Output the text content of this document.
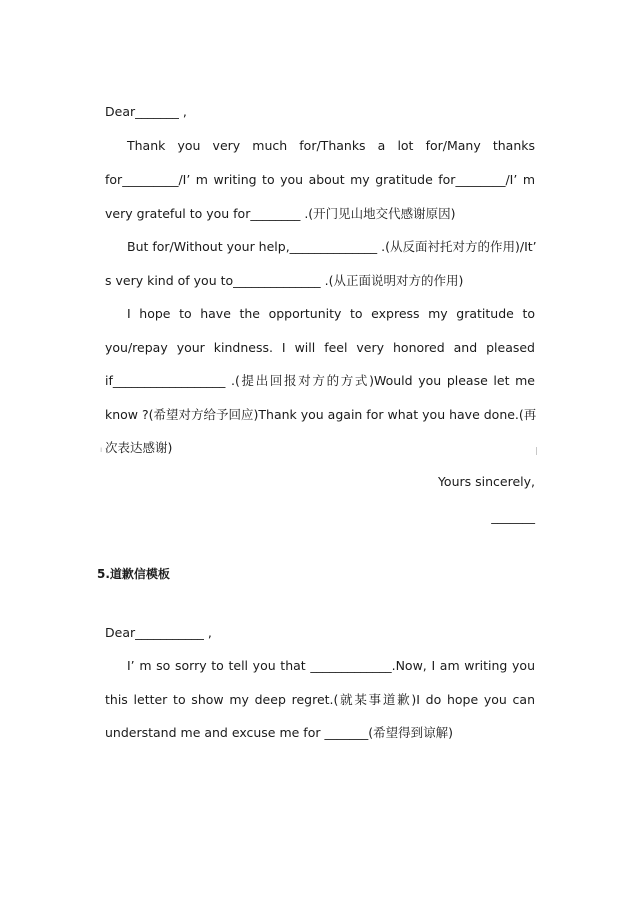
Dear_______ ,
Thank you very much for/Thanks a lot for/Many thanks
for_________/I’ m writing to you about my gratitude for________/I’ m
very grateful to you for________ .(开门见山地交代感谢原因)
But for/Without your help,______________ .(从反面衬托对方的作用)/It’
s very kind of you to______________ .(从正面说明对方的作用)
I hope to have the opportunity to express my gratitude to
you/repay your kindness. I will feel very honored and pleased
if__________________ .(提出回报对方的方式)Would you please let me
know ?(希望对方给予回应)Thank you again for what you have done.(再
次表达感谢)
ı
Yours sincerely,
_______
5.道歉信模板
Dear___________ ,
I’ m so sorry to tell you that _____________.Now, I am writing you
this letter to show my deep regret.(就某事道歉)I do hope you can
understand me and excuse me for _______(希望得到谅解)
